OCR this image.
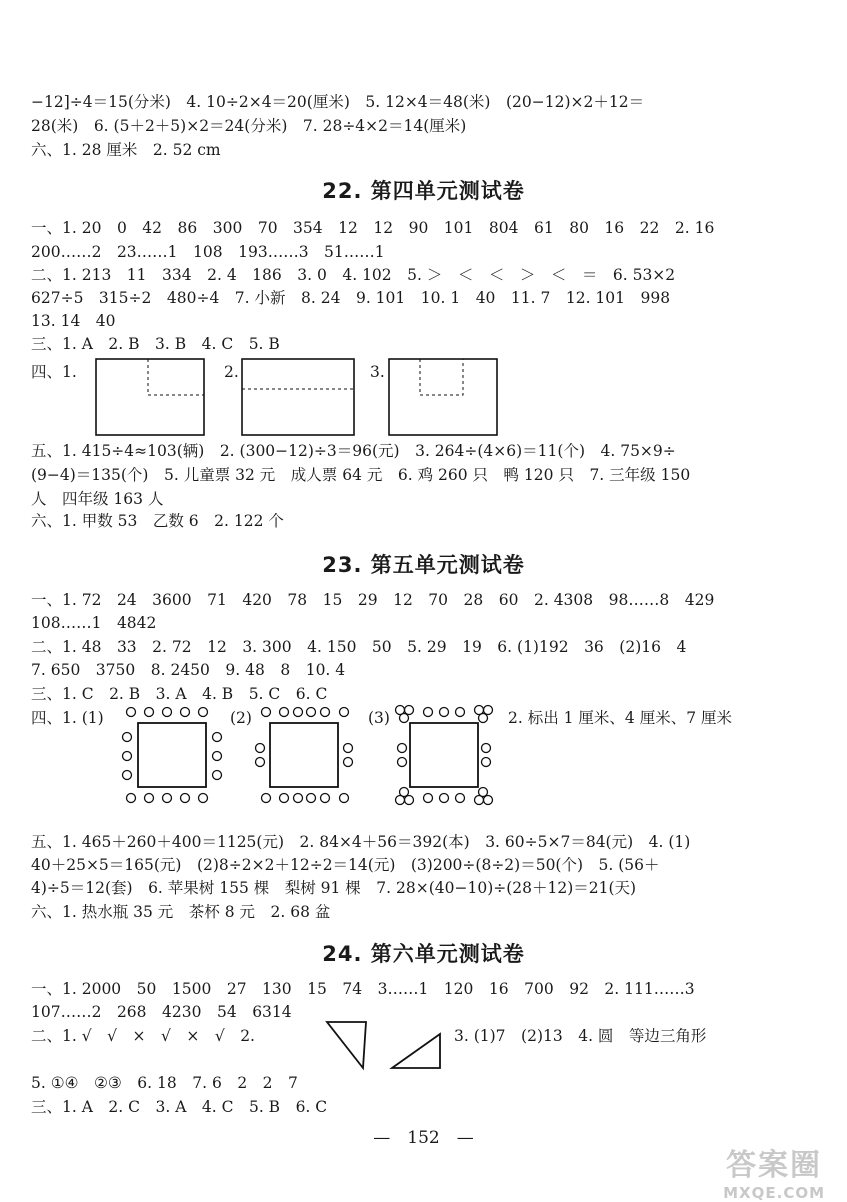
−12]÷4＝15(分米)　4. 10÷2×4＝20(厘米)　5. 12×4＝48(米)　(20−12)×2＋12＝
28(米)　6. (5＋2＋5)×2＝24(分米)　7. 28÷4×2＝14(厘米)
六、1. 28 厘米　2. 52 cm
22. 第四单元测试卷
一、1. 20　0　42　86　300　70　354　12　12　90　101　804　61　80　16　22　2. 16
200……2　23……1　108　193……3　51……1
二、1. 213　11　334　2. 4　186　3. 0　4. 102　5. ＞　＜　＜　＞　＜　＝　6. 53×2
627÷5　315÷2　480÷4　7. 小新　8. 24　9. 101　10. 1　40　11. 7　12. 101　998
13. 14　40
三、1. A　2. B　3. B　4. C　5. B
四、1.	2.	3.
五、1. 415÷4≈103(辆)　2. (300−12)÷3＝96(元)　3. 264÷(4×6)＝11(个)　4. 75×9÷
(9−4)＝135(个)　5. 儿童票 32 元　成人票 64 元　6. 鸡 260 只　鸭 120 只　7. 三年级 150
人　四年级 163 人
六、1. 甲数 53　乙数 6　2. 122 个
23. 第五单元测试卷
一、1. 72　24　3600　71　420　78　15　29　12　70　28　60　2. 4308　98……8　429
108……1　4842
二、1. 48　33　2. 72　12　3. 300　4. 150　50　5. 29　19　6. (1)192　36　(2)16　4
7. 650　3750　8. 2450　9. 48　8　10. 4
三、1. C　2. B　3. A　4. B　5. C　6. C
四、1. (1)	(2)	(3)	2. 标出 1 厘米、4 厘米、7 厘米
五、1. 465＋260＋400＝1125(元)　2. 84×4＋56＝392(本)　3. 60÷5×7＝84(元)　4. (1)
40＋25×5＝165(元)　(2)8÷2×2＋12÷2＝14(元)　(3)200÷(8÷2)＝50(个)　5. (56＋
4)÷5＝12(套)　6. 苹果树 155 棵　梨树 91 棵　7. 28×(40−10)÷(28＋12)＝21(天)
六、1. 热水瓶 35 元　茶杯 8 元　2. 68 盆
24. 第六单元测试卷
一、1. 2000　50　1500　27　130　15　74　3……1　120　16　700　92　2. 111……3
107……2　268　4230　54　6314
二、1. √　√　×　√　×　√　2.	3. (1)7　(2)13　4. 圆　等边三角形
5. ①④　②③　6. 18　7. 6　2　2　7
三、1. A　2. C　3. A　4. C　5. B　6. C
—　152　—
答案圈
MXQE.COM
